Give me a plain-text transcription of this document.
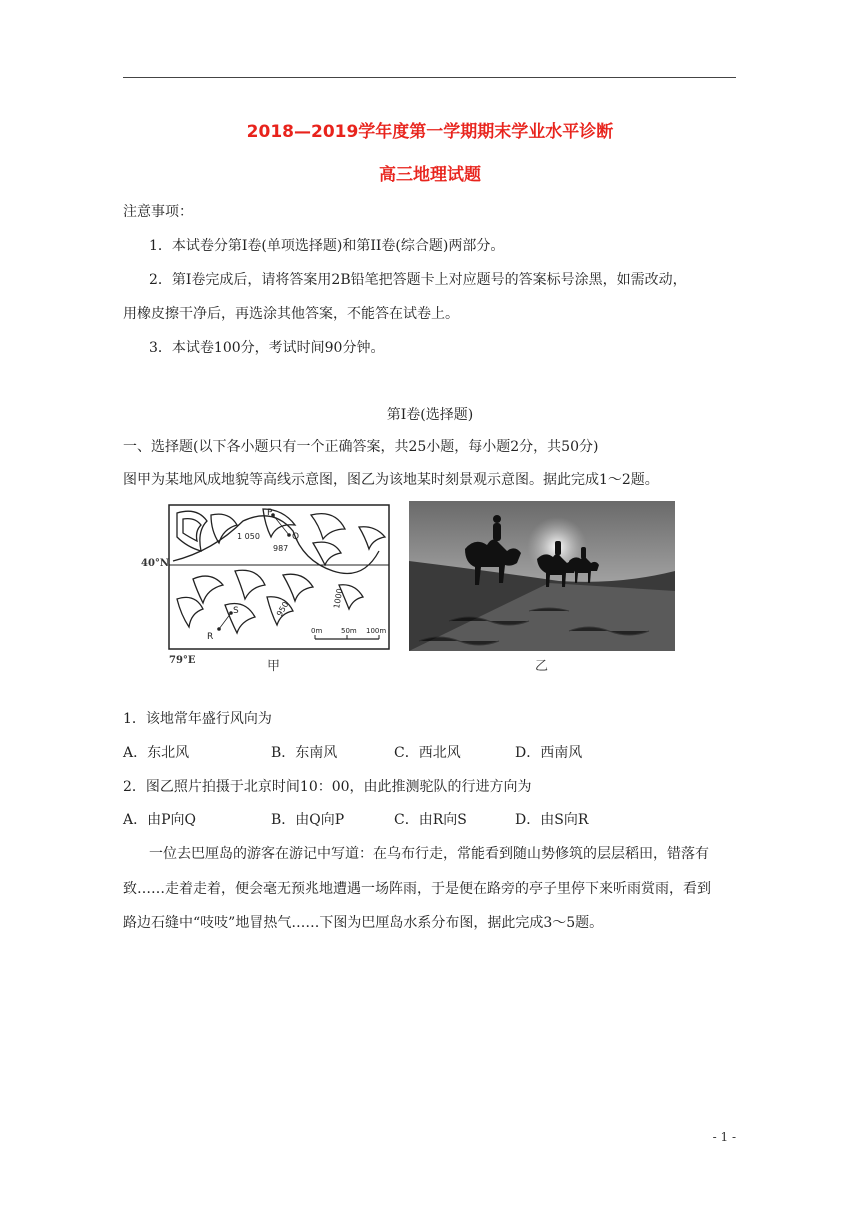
2018—2019学年度第一学期期末学业水平诊断
高三地理试题
注意事项：
1．本试卷分第Ⅰ卷(单项选择题)和第II卷(综合题)两部分。
2．第Ⅰ卷完成后，请将答案用2B铅笔把答题卡上对应题号的答案标号涂黑，如需改动，
用橡皮擦干净后，再选涂其他答案，不能答在试卷上。
3．本试卷100分，考试时间90分钟。
第Ⅰ卷(选择题)
一、选择题(以下各小题只有一个正确答案，共25小题，每小题2分，共50分)
图甲为某地风成地貌等高线示意图，图乙为该地某时刻景观示意图。据此完成1～2题。
1 050
987
1000
950
P
Q
R
S
0m	50m 100m
40°N
79°E	甲	乙
1．该地常年盛行风向为
A．东北风	B．东南风	C．西北风	D．西南风
2．图乙照片拍摄于北京时间10：00，由此推测驼队的行进方向为
A．由P向Q	B．由Q向P	C．由R向S	D．由S向R
一位去巴厘岛的游客在游记中写道：在乌布行走，常能看到随山势修筑的层层稻田，错落有
致……走着走着，便会毫无预兆地遭遇一场阵雨，于是便在路旁的亭子里停下来听雨赏雨，看到
路边石缝中“吱吱”地冒热气……下图为巴厘岛水系分布图，据此完成3～5题。
- 1 -
